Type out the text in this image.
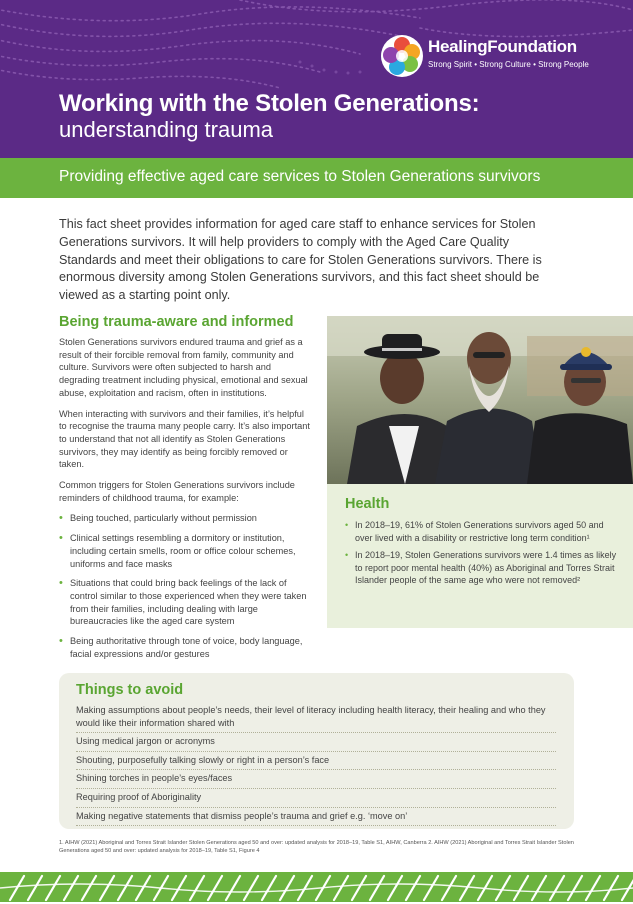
HealingFoundation
Strong Spirit • Strong Culture • Strong People
Working with the Stolen Generations:
understanding trauma
Providing effective aged care services to Stolen Generations survivors

This fact sheet provides information for aged care staff to enhance services for Stolen Generations survivors. It will help providers to comply with the Aged Care Quality Standards and meet their obligations to care for Stolen Generations survivors. There is enormous diversity among Stolen Generations survivors, and this fact sheet should be viewed as a starting point only.

Being trauma-aware and informed

Stolen Generations survivors endured trauma and grief as a result of their forcible removal from family, community and culture. Survivors were often subjected to harsh and degrading treatment including physical, emotional and sexual abuse, exploitation and racism, often in institutions.

When interacting with survivors and their families, it’s helpful to recognise the trauma many people carry. It’s also important to understand that not all identify as Stolen Generations survivors, they may identify as being forcibly removed or taken.

Common triggers for Stolen Generations survivors include reminders of childhood trauma, for example:

• Being touched, particularly without permission
• Clinical settings resembling a dormitory or institution, including certain smells, room or office colour schemes, uniforms and face masks
• Situations that could bring back feelings of the lack of control similar to those experienced when they were taken from their families, including dealing with large bureaucracies like the aged care system
• Being authoritative through tone of voice, body language, facial expressions and/or gestures
Health
• In 2018–19, 61% of Stolen Generations survivors aged 50 and over lived with a disability or restrictive long term condition¹
• In 2018–19, Stolen Generations survivors were 1.4 times as likely to report poor mental health (40%) as Aboriginal and Torres Strait Islander people of the same age who were not removed²
Things to avoid
Making assumptions about people’s needs, their level of literacy including health literacy, their healing and who they would like their information shared with
Using medical jargon or acronyms
Shouting, purposefully talking slowly or right in a person’s face
Shining torches in people’s eyes/faces
Requiring proof of Aboriginality
Making negative statements that dismiss people’s trauma and grief e.g. ‘move on’

1. AIHW (2021) Aboriginal and Torres Strait Islander Stolen Generations aged 50 and over: updated analysis for 2018–19, Table S1, AIHW, Canberra 2. AIHW (2021) Aboriginal and Torres Strait Islander Stolen Generations aged 50 and over: updated analysis for 2018–19, Table S1, Figure 4
